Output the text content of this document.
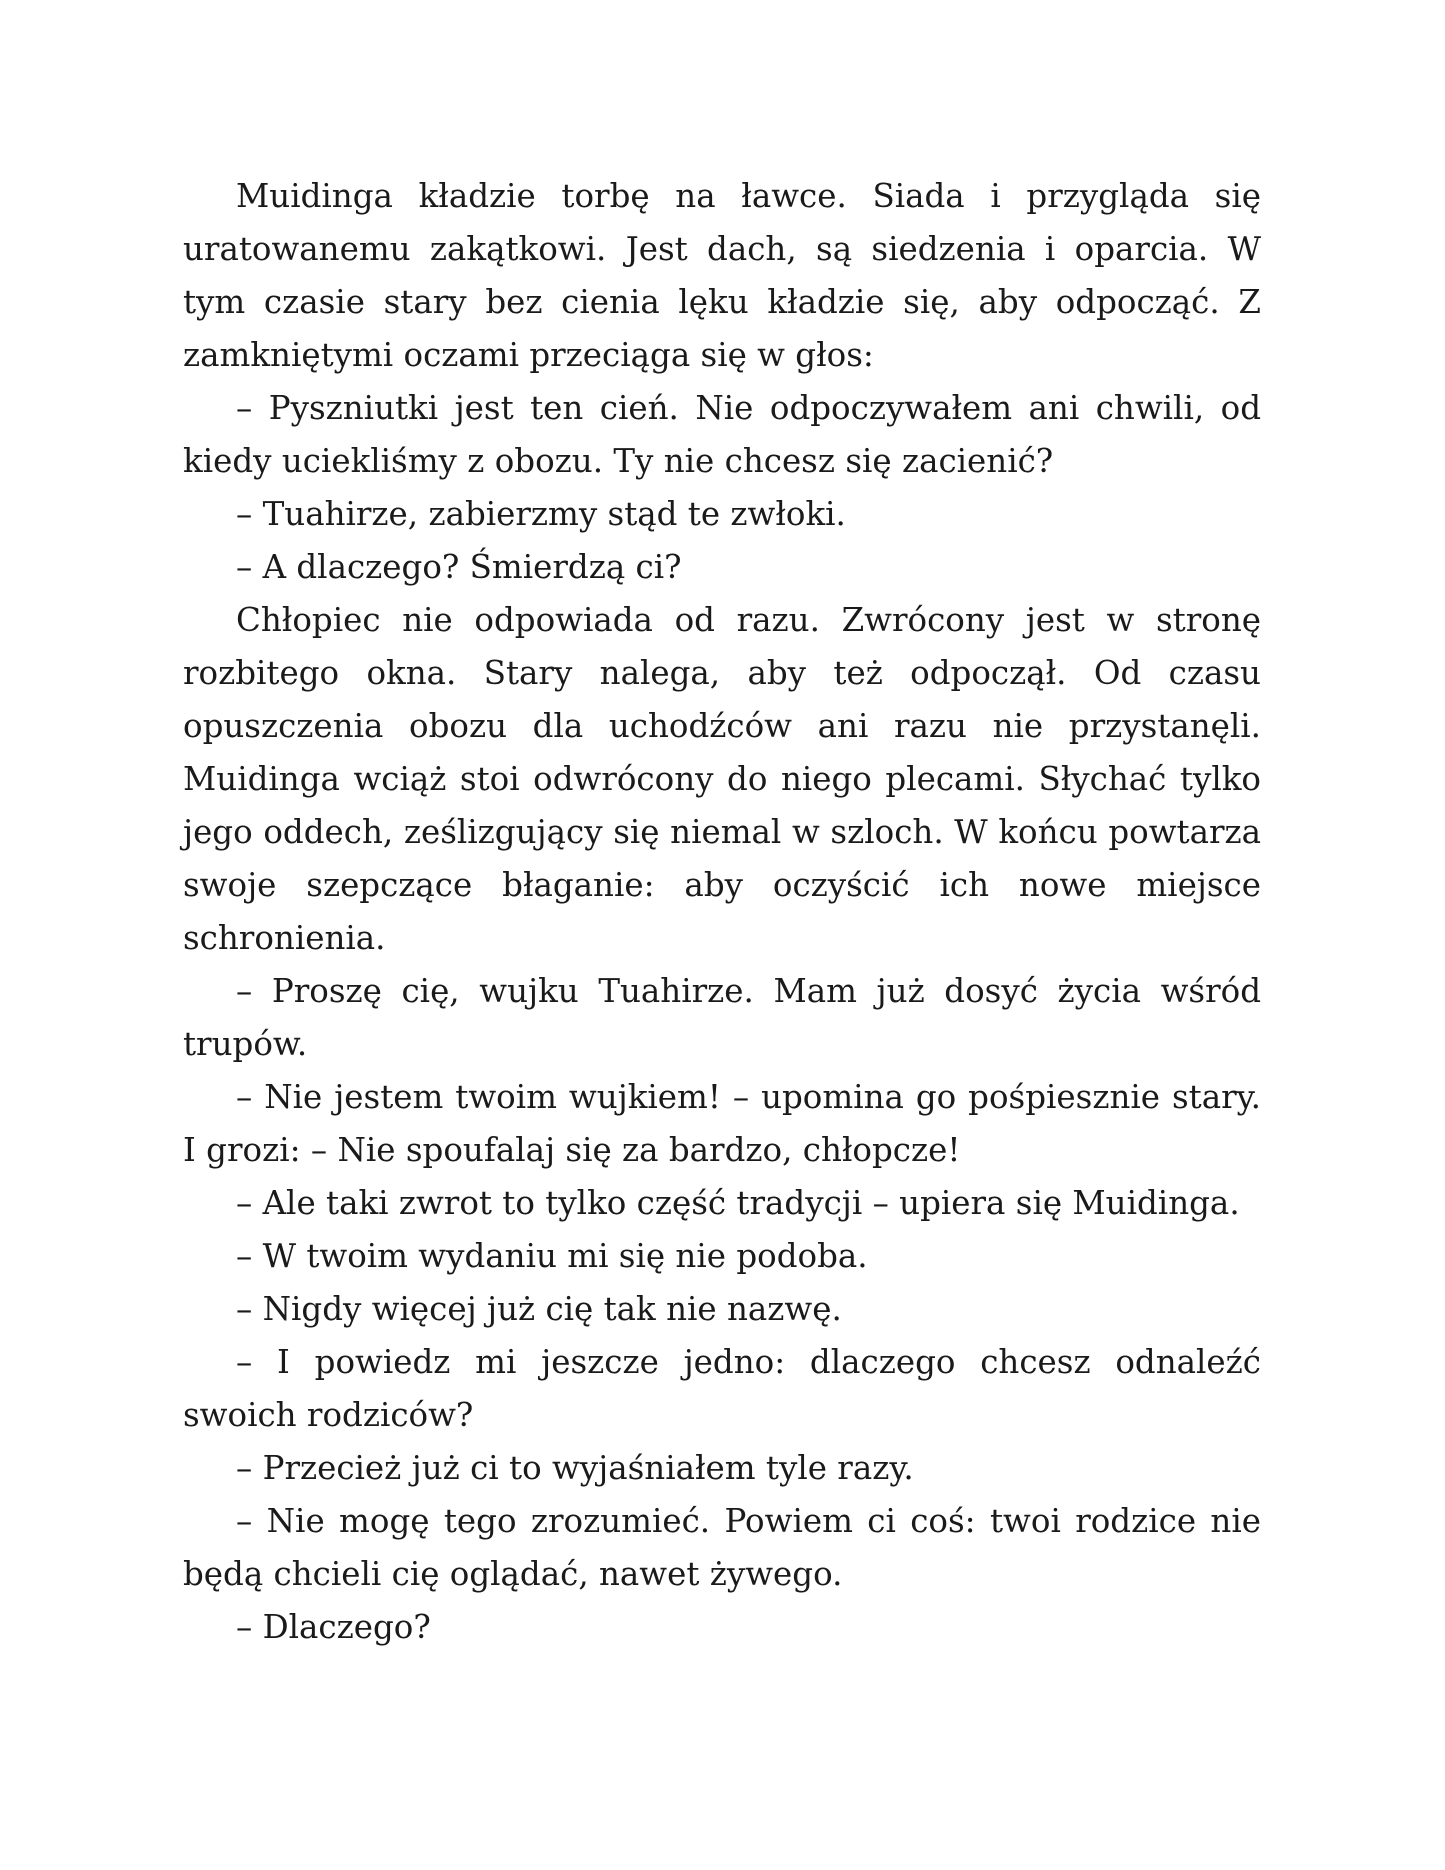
Muidinga kładzie torbę na ławce. Siada i przygląda się uratowanemu zakątkowi. Jest dach, są siedzenia i oparcia. W tym czasie stary bez cienia lęku kładzie się, aby odpocząć. Z zamkniętymi oczami przeciąga się w głos:

– Pyszniutki jest ten cień. Nie odpoczywałem ani chwili, od kiedy uciekliśmy z obozu. Ty nie chcesz się zacienić?

– Tuahirze, zabierzmy stąd te zwłoki.

– A dlaczego? Śmierdzą ci?

Chłopiec nie odpowiada od razu. Zwrócony jest w stronę rozbitego okna. Stary nalega, aby też odpoczął. Od czasu opuszczenia obozu dla uchodźców ani razu nie przystanęli. Muidinga wciąż stoi odwrócony do niego plecami. Słychać tylko jego oddech, ześlizgujący się niemal w szloch. W końcu powtarza swoje szepczące błaganie: aby oczyścić ich nowe miejsce schronienia.

– Proszę cię, wujku Tuahirze. Mam już dosyć życia wśród trupów.

– Nie jestem twoim wujkiem! – upomina go pośpiesznie stary. I grozi: – Nie spoufalaj się za bardzo, chłopcze!

– Ale taki zwrot to tylko część tradycji – upiera się Muidinga.

– W twoim wydaniu mi się nie podoba.

– Nigdy więcej już cię tak nie nazwę.

– I powiedz mi jeszcze jedno: dlaczego chcesz odnaleźć swoich rodziców?

– Przecież już ci to wyjaśniałem tyle razy.

– Nie mogę tego zrozumieć. Powiem ci coś: twoi rodzice nie będą chcieli cię oglądać, nawet żywego.

– Dlaczego?
